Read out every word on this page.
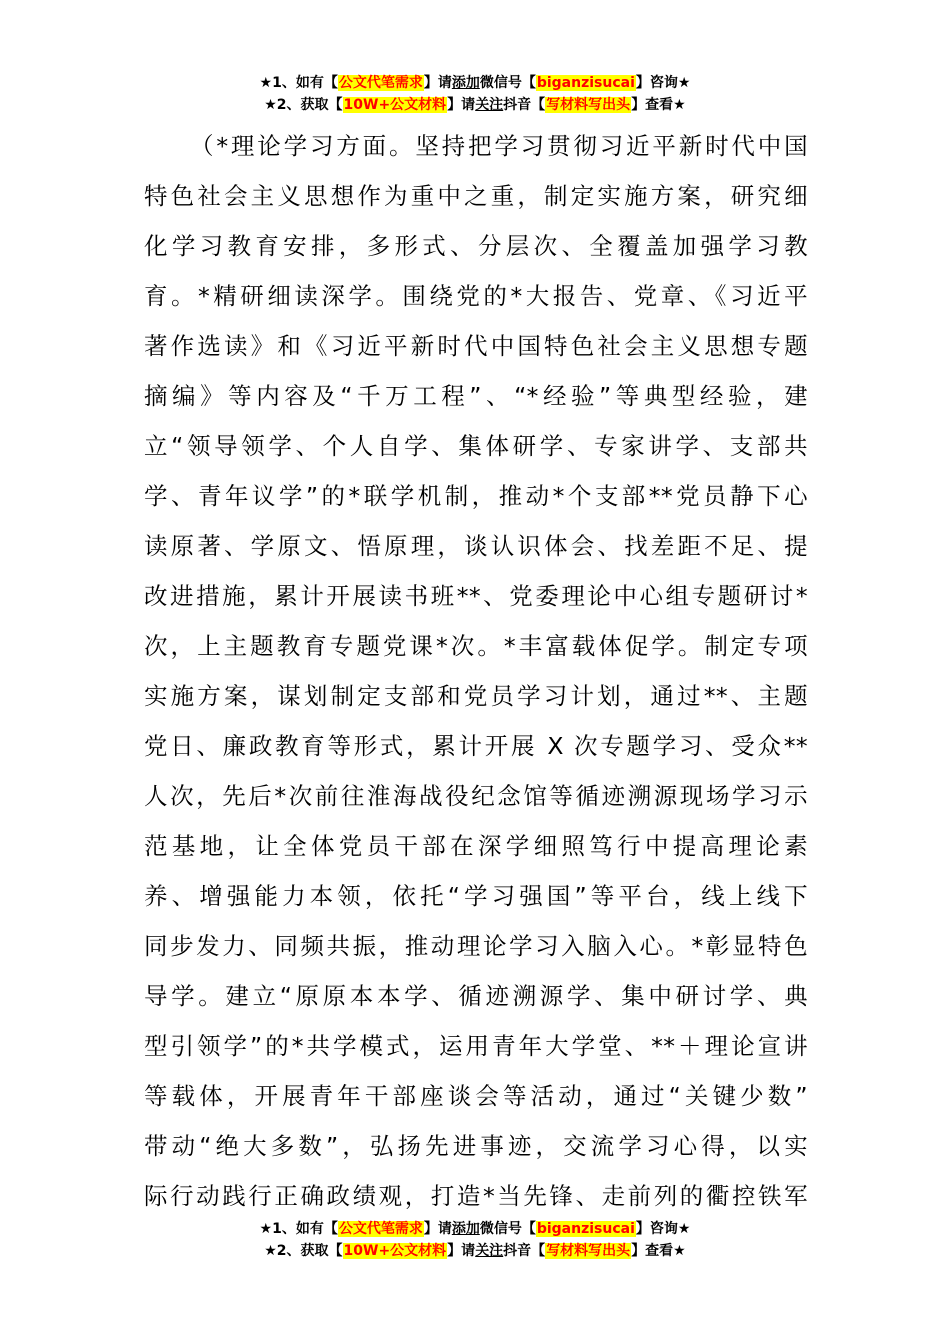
★1、如有【公文代笔需求】请添加微信号【biganzisucai】咨询★
★2、获取【10W+公文材料】请关注抖音【写材料写出头】查看★
（*理论学习方面。坚持把学习贯彻习近平新时代中国
特色社会主义思想作为重中之重，制定实施方案，研究细
化学习教育安排，多形式、分层次、全覆盖加强学习教
育。*精研细读深学。围绕党的*大报告、党章、《习近平
著作选读》和《习近平新时代中国特色社会主义思想专题
摘编》等内容及“千万工程”、“*经验”等典型经验，建
立“领导领学、个人自学、集体研学、专家讲学、支部共
学、青年议学”的*联学机制，推动*个支部**党员静下心
读原著、学原文、悟原理，谈认识体会、找差距不足、提
改进措施，累计开展读书班**、党委理论中心组专题研讨*
次，上主题教育专题党课*次。*丰富载体促学。制定专项
实施方案，谋划制定支部和党员学习计划，通过**、主题
党日、廉政教育等形式，累计开展 X 次专题学习、受众**
人次，先后*次前往淮海战役纪念馆等循迹溯源现场学习示
范基地，让全体党员干部在深学细照笃行中提高理论素
养、增强能力本领，依托“学习强国”等平台，线上线下
同步发力、同频共振，推动理论学习入脑入心。*彰显特色
导学。建立“原原本本学、循迹溯源学、集中研讨学、典
型引领学”的*共学模式，运用青年大学堂、**＋理论宣讲
等载体，开展青年干部座谈会等活动，通过“关键少数”
带动“绝大多数”，弘扬先进事迹，交流学习心得，以实
际行动践行正确政绩观，打造*当先锋、走前列的衢控铁军
★1、如有【公文代笔需求】请添加微信号【biganzisucai】咨询★
★2、获取【10W+公文材料】请关注抖音【写材料写出头】查看★
